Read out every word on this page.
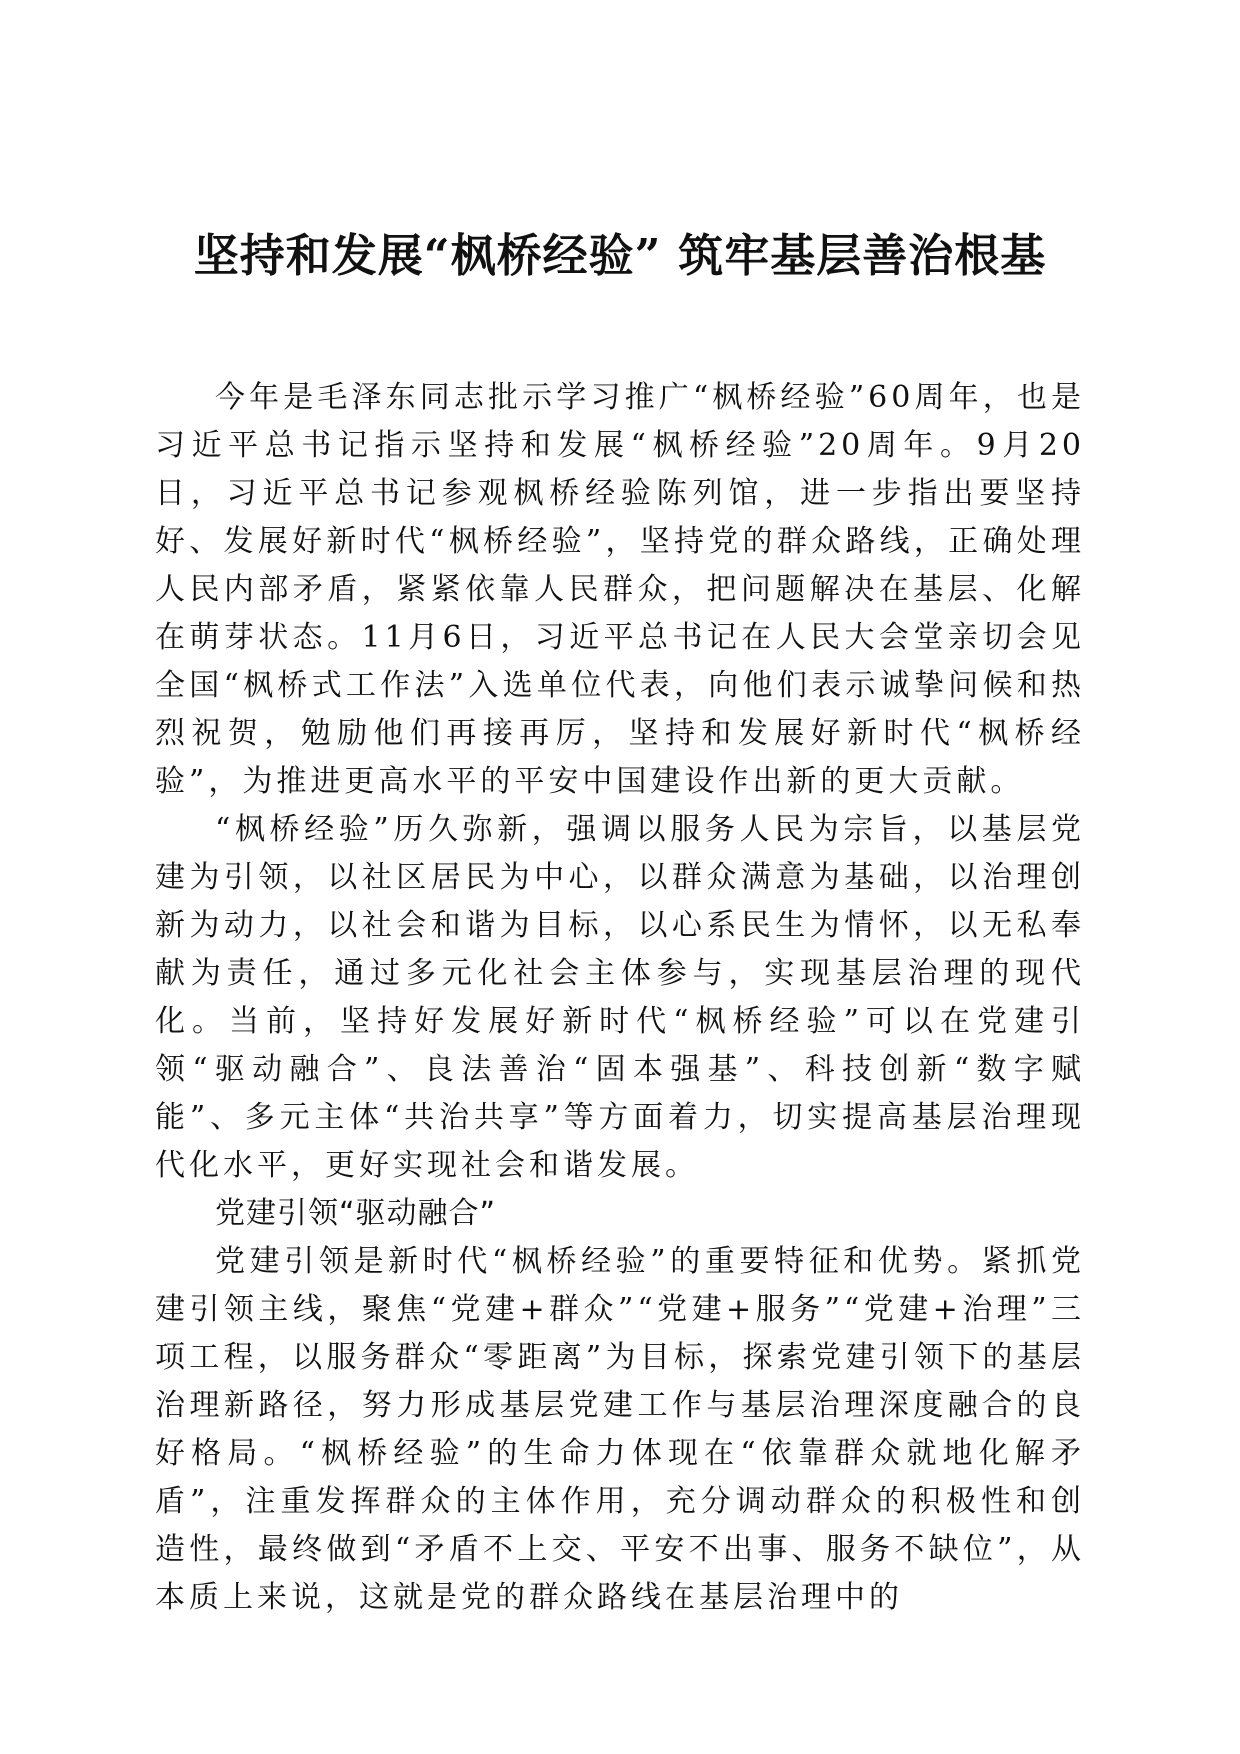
坚持和发展“枫桥经验” 筑牢基层善治根基

今年是毛泽东同志批示学习推广“枫桥经验”60周年，也是习近平总书记指示坚持和发展“枫桥经验”20周年。9月20日，习近平总书记参观枫桥经验陈列馆，进一步指出要坚持好、发展好新时代“枫桥经验”，坚持党的群众路线，正确处理人民内部矛盾，紧紧依靠人民群众，把问题解决在基层、化解在萌芽状态。11月6日，习近平总书记在人民大会堂亲切会见全国“枫桥式工作法”入选单位代表，向他们表示诚挚问候和热烈祝贺，勉励他们再接再厉，坚持和发展好新时代“枫桥经验”，为推进更高水平的平安中国建设作出新的更大贡献。

“枫桥经验”历久弥新，强调以服务人民为宗旨，以基层党建为引领，以社区居民为中心，以群众满意为基础，以治理创新为动力，以社会和谐为目标，以心系民生为情怀，以无私奉献为责任，通过多元化社会主体参与，实现基层治理的现代化。当前，坚持好发展好新时代“枫桥经验”可以在党建引领“驱动融合”、良法善治“固本强基”、科技创新“数字赋能”、多元主体“共治共享”等方面着力，切实提高基层治理现代化水平，更好实现社会和谐发展。

党建引领“驱动融合”

党建引领是新时代“枫桥经验”的重要特征和优势。紧抓党建引领主线，聚焦“党建+群众”“党建+服务”“党建+治理”三项工程，以服务群众“零距离”为目标，探索党建引领下的基层治理新路径，努力形成基层党建工作与基层治理深度融合的良好格局。“枫桥经验”的生命力体现在“依靠群众就地化解矛盾”，注重发挥群众的主体作用，充分调动群众的积极性和创造性，最终做到“矛盾不上交、平安不出事、服务不缺位”，从本质上来说，这就是党的群众路线在基层治理中的
